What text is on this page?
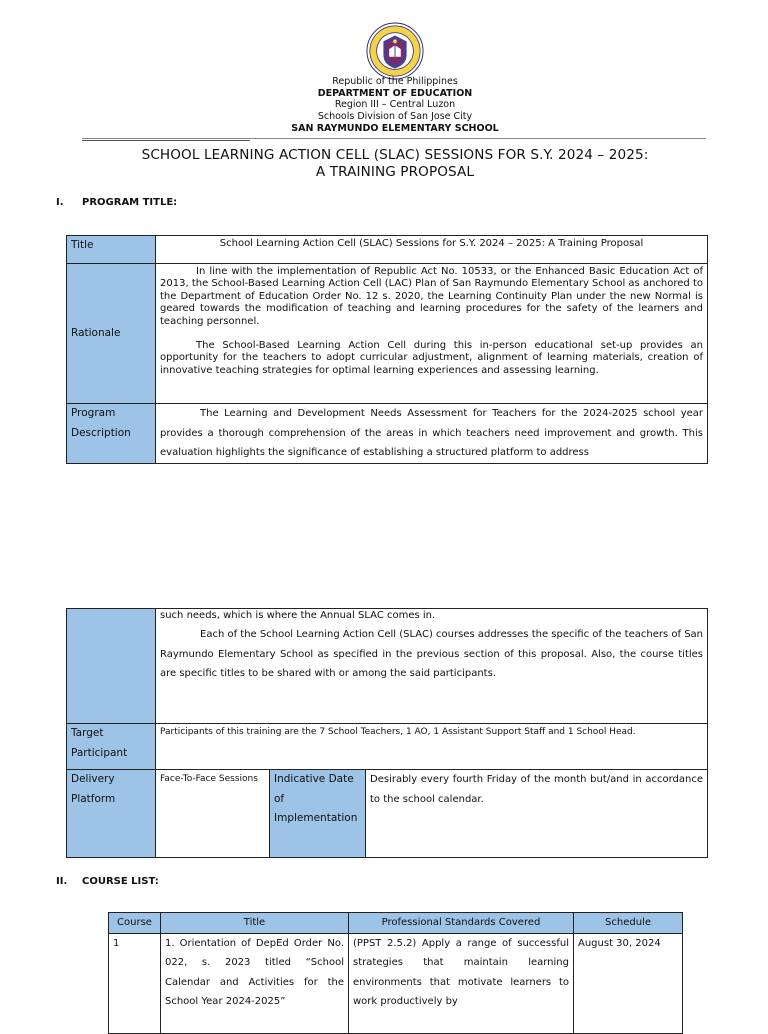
Republic of the Philippines
DEPARTMENT OF EDUCATION
Region III – Central Luzon
Schools Division of San Jose City
SAN RAYMUNDO ELEMENTARY SCHOOL
SCHOOL LEARNING ACTION CELL (SLAC) SESSIONS FOR S.Y. 2024 – 2025:
A TRAINING PROPOSAL
I. PROGRAM TITLE:
Title	School Learning Action Cell (SLAC) Sessions for S.Y. 2024 – 2025: A Training Proposal
Rationale	In line with the implementation of Republic Act No. 10533, or the Enhanced Basic Education Act of 2013, the School-Based Learning Action Cell (LAC) Plan of San Raymundo Elementary School as anchored to the Department of Education Order No. 12 s. 2020, the Learning Continuity Plan under the new Normal is geared towards the modification of teaching and learning procedures for the safety of the learners and teaching personnel.

The School-Based Learning Action Cell during this in-person educational set-up provides an opportunity for the teachers to adopt curricular adjustment, alignment of learning materials, creation of innovative teaching strategies for optimal learning experiences and assessing learning.

Program
Description	The Learning and Development Needs Assessment for Teachers for the 2024-2025 school year provides a thorough comprehension of the areas in which teachers need improvement and growth. This evaluation highlights the significance of establishing a structured platform to address

	such needs, which is where the Annual SLAC comes in.

Each of the School Learning Action Cell (SLAC) courses addresses the specific of the teachers of San Raymundo Elementary School as specified in the previous section of this proposal. Also, the course titles are specific titles to be shared with or among the said participants.		

Target
Participant	Participants of this training are the 7 School Teachers, 1 AO, 1 Assistant Support Staff and 1 School Head.		

Delivery
Platform	Face-To-Face Sessions	Indicative Date of Implementation	Desirably every fourth Friday of the month but/and in accordance to the school calendar.
II. COURSE LIST:
Course	Title	Professional Standards Covered	Schedule
1	1. Orientation of DepEd Order No. 022, s. 2023 titled “School Calendar and Activities for the School Year 2024-2025”	(PPST 2.5.2) Apply a range of successful strategies that maintain learning environments that motivate learners to work productively by	August 30, 2024
